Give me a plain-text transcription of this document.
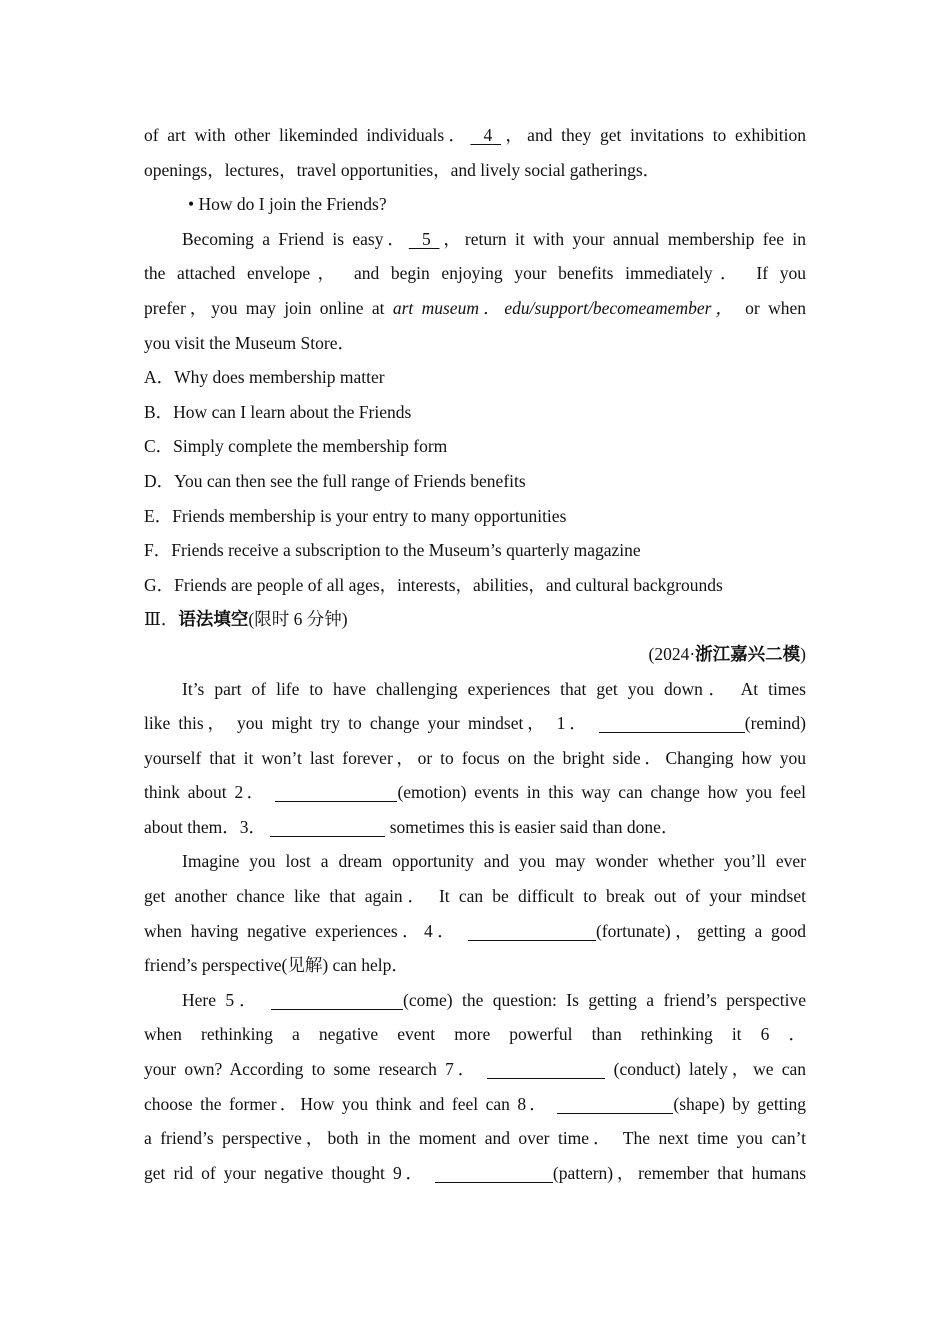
of art with other likeminded individuals． 4 ，and they get invitations to exhibition
openings，lectures，travel opportunities，and lively social gatherings．
• How do I join the Friends?
Becoming a Friend is easy． 5 ，return it with your annual membership fee in
the attached envelope， and begin enjoying your benefits immediately． If you
prefer，you may join online at art museum．edu/support/becomeamember， or when
you visit the Museum Store．
A．Why does membership matter
B．How can I learn about the Friends
C．Simply complete the membership form
D．You can then see the full range of Friends benefits
E．Friends membership is your entry to many opportunities
F．Friends receive a subscription to the Museum’s quarterly magazine
G．Friends are people of all ages，interests，abilities，and cultural backgrounds
Ⅲ．语法填空(限时 6 分钟)
(2024·浙江嘉兴二模)
It’s part of life to have challenging experiences that get you down． At times
like this， you might try to change your mindset， 1．	(remind)
yourself that it won’t last forever，or to focus on the bright side．Changing how you
think about 2．	(emotion) events in this way can change how you feel
about them．3．	sometimes this is easier said than done．
Imagine you lost a dream opportunity and you may wonder whether you’ll ever
get another chance like that again． It can be difficult to break out of your mindset
when having negative experiences．4．	(fortunate)，getting a good
friend’s perspective(见解) can help．
Here 5．	(come) the question: Is getting a friend’s perspective
when rethinking a negative event more powerful than rethinking it 6 ．
your own? According to some research 7．	(conduct) lately，we can
choose the former．How you think and feel can 8．	(shape) by getting
a friend’s perspective，both in the moment and over time． The next time you can’t
get rid of your negative thought 9．	(pattern)，remember that humans
